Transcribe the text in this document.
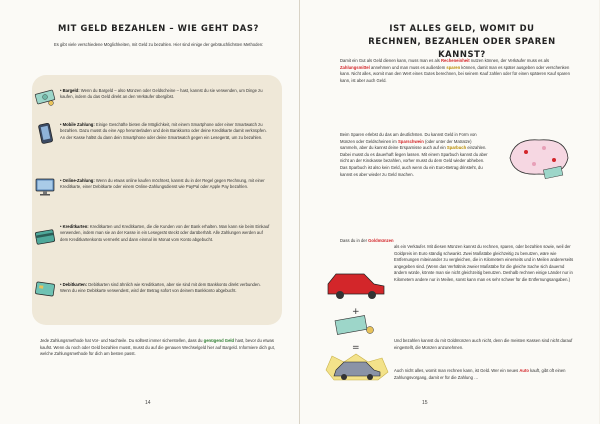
MIT GELD BEZAHLEN – WIE GEHT DAS?
Es gibt viele verschiedene Möglichkeiten, mit Geld zu bezahlen. Hier sind einige der gebräuchlichsten Methoden:
• Bargeld: Wenn du Bargeld – also Münzen oder Geldscheine – hast, kannst du sie verwenden, um Dinge zu kaufen, indem du das Geld direkt an den Verkäufer übergibst.
• Mobile Zahlung: Einige Geschäfte bieten die Möglichkeit, mit einem Smartphone oder einer Smartwatch zu bezahlen. Dazu musst du eine App herunterladen und dein Bankkonto oder deine Kreditkarte damit verknüpfen. An der Kasse hältst du dann dein Smartphone oder deine Smartwatch gegen ein Lesegerät, um zu bezahlen.
• Online-Zahlung: Wenn du etwas online kaufen möchtest, kannst du in der Regel gegen Rechnung, mit einer Kreditkarte, einer Debitkarte oder einem Online-Zahlungsdienst wie PayPal oder Apple Pay bezahlen.
• Kreditkarten: Kreditkarten und Kreditkarten, die die Kunden von der Bank erhalten. Man kann sie beim Einkauf verwenden, indem man sie an der Kasse in ein Lesegerät steckt oder darüberhält. Alle Zahlungen werden auf dem Kreditkartenkonto vermerkt und dann einmal im Monat vom Konto abgebucht.
• Debitkarten: Debitkarten sind ähnlich wie Kreditkarten, aber sie sind mit dem Bankkonto direkt verbunden. Wenn du eine Debitkarte verwendest, wird der Betrag sofort von deinem Bankkonto abgebucht.
Jede Zahlungsmethode hat Vor- und Nachteile. Du solltest immer sicherstellen, dass du genügend Geld hast, bevor du etwas kaufst. Wenn du noch oder Geld bezahlen musst, musst du auf die genauen Wechselgeld hier auf Bargeld. Informiere dich gut, welche Zahlungsmethode für dich am besten passt.
14
IST ALLES GELD, WOMIT DU RECHNEN, BEZAHLEN ODER SPAREN KANNST?
Damit ein Gut als Geld dienen kann, muss man es als Recheneinheit nutzen können, der Verkäufer muss es als Zahlungsmittel annehmen und man muss es außerdem sparen können, damit man es später ausgeben oder verschenken kann. Nicht alles, womit man den Wert eines Gutes berechnen, bei seinem Kauf zahlen oder für einen späteren Kauf sparen kann, ist aber auch Geld.
Beim Sparen erlebst du das am deutlichsten. Du kannst Geld in Form von Münzen oder Geldscheinen im Sparschwein (oder unter der Matratze) sammeln, aber du kannst deine Ersparnisse auch auf ein Sparbuch einzahlen. Dabei musst du es dauerhaft liegen lassen. Mit einem Sparbuch kannst du aber nicht an der Kinokasse bezahlen, vorher musst du dem Geld wieder abheben. Das Sparbuch ist also kein Geld, auch wenn du ein Euro-Betrag drinsteht, du kannst es aber wieder zu Geld machen.
Dass du in der Goldmünzen
als ein Verkäufer. Mit diesen Münzen kannst du rechnen, sparen, oder bezahlen sowie, weil der Goldpreis im Euro ständig schwankt. Zwei Maßstäbe gleichzeitig zu benutzen, wäre wie Entfernungen miteinander zu vergleichen, die in Kilometern einerseits und in Meilen andererseits angegeben sind. (Wenn das Verhältnis zweier Maßstäbe für die gleiche Sache sich dauernd ändern würde, könnte man sie nicht gleichzeitig benutzen. Deshalb rechnen einige Länder nur in Kilometern andere nur in Meilen, sonst kann man es sehr schwer für die Entfernungsangaben.)
+
=
Und bezahlen kannst du mit Goldmünzen auch nicht, denn die meisten Kassen sind nicht darauf eingestellt, die Münzen anzunehmen.
Auch nicht alles, womit man rechnen kann, ist Geld. Wer ein neues Auto kauft, gibt oft einen Zahlungsvorgang, damit er für die Zahlung …
15
